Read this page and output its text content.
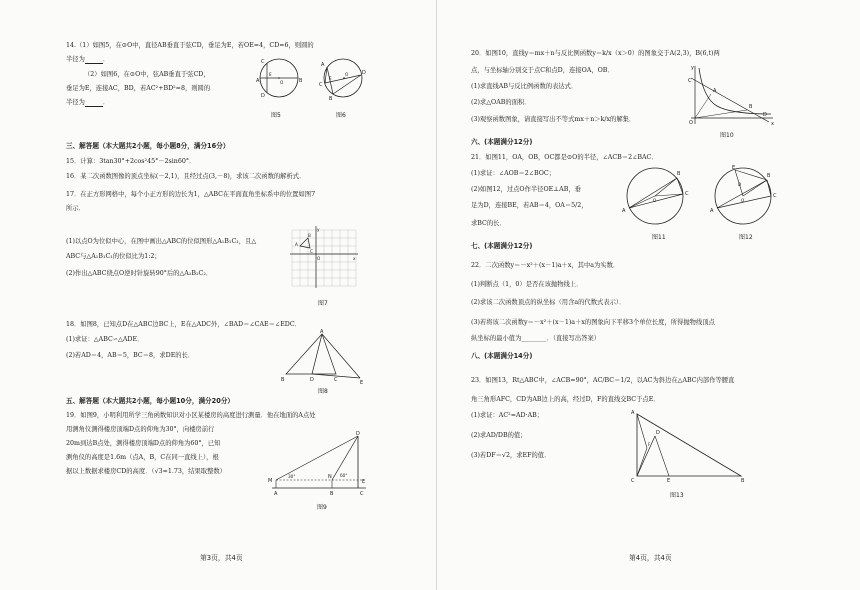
14.（1）如图5，在⊙O中，直径AB垂直于弦CD，垂足为E，若OE=4，CD=6，则圆的
半径为	．
（2）如图6，在⊙O中，弦AB垂直于弦CD，
垂足为E，连接AC，BD，若AC²+BD²=8，则圆的
半径为	．
C
D
A	B
E
O
图5
A
B
C
D
O
E
图6
三、解答题（本大题共2小题，每小题8分，满分16分）
15．计算：3tan30°+2cos²45°－2sin60°．
16．某二次函数图像的顶点坐标(－2,1)，且经过点(3,－8)，求该二次函数的解析式．
17．在正方形网格中，每个小正方形的边长为1，△ABC在平面直角坐标系中的位置如图7
所示．
(1)以点O为位似中心，在图中画出△ABC的位似图形△A₁B₁C₁，且△
ABC与△A₁B₁C₁的位似比为1:2；
(2)作出△ABC绕点O逆时针旋转90°后的△A₂B₂C₂．
A
B
C
y
x
O
图7
18．如图8，已知点D在△ABC边BC上，E在△ADC外，∠BAD＝∠CAE＝∠EDC．
(1)求证：△ABC∽△ADE．
(2)若AD＝4，AB＝5，BC＝8，求DE的长．
A
B	D	C	E
图8
五、解答题（本大题共2小题，每小题10分，满分20分）
19．如图9，小明利用所学三角函数知识对小区某楼房的高度进行测量．他在地面的A点处
用测角仪测得楼房顶端D点的仰角为30°，向楼房前行
20m到达B点处，测得楼房顶端D点的仰角为60°，已知
测角仪的高度是1.6m（点A，B，C在同一直线上），根
据以上数据求楼房CD的高度．（√3≈1.73，结果取整数）
D
M
N
E
A	B	C
30°	60°
图9
第3页，共4页
20．如图10，直线y＝mx＋n与反比例函数y＝k/x（x＞0）的图象交于A(2,3)，B(6,t)两
点，与坐标轴分别交于点C和点D，连接OA，OB．
(1)求直线AB与反比例函数的表达式．
(2)求△OAB的面积．
(3)观察函数图象，请直接写出不等式mx＋n＞k/x的解集．
y
x
O
A
B
C
D
图10
六、(本题满分12分)
21．如图11，OA，OB，OC都是⊙O的半径，∠ACB＝2∠BAC．
(1)求证：∠AOB＝2∠BOC；
(2)如图12，过点O作半径OE⊥AB，垂
足为D，连接BE，若AB＝4，OA＝5/2，
求BC的长．
A
B
C
O
图11
E
A
B
C
O
D
图12
七、(本题满分12分)
22．二次函数y＝－x²＋(x－1)a＋x，其中a为实数．
(1)判断点（1，0）是否在该抛物线上．
(2)求该二次函数顶点的纵坐标（用含a的代数式表示）．
(3)若将该二次函数y＝－x²＋(x－1)a＋x的图象向下平移3个单位长度，所得抛物线顶点
纵坐标的最小值为________．（直接写出答案）
八、(本题满分14分)
23．如图13，Rt△ABC中，∠ACB=90°，AC/BC＝1/2，以AC为斜边在△ABC内部作等腰直
角三角形AFC，CD为AB边上的高，经过D，F的直线交BC于点E．
(1)求证：AC²=AD·AB；
(2)求AD/DB的值；
(3)若DF＝√2，求EF的值．
A
C	B
D
F
E
图13
第4页，共4页
